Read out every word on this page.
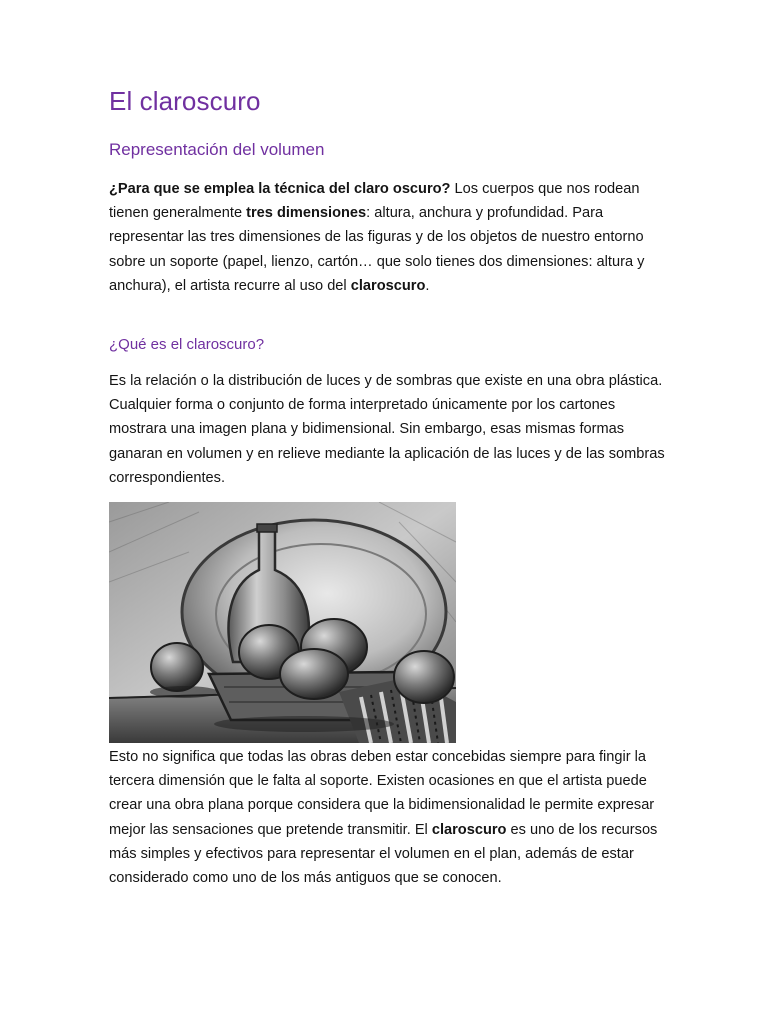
El claroscuro
Representación del volumen

¿Para que se emplea la técnica del claro oscuro? Los cuerpos que nos rodean tienen generalmente tres dimensiones: altura, anchura y profundidad. Para representar las tres dimensiones de las figuras y de los objetos de nuestro entorno sobre un soporte (papel, lienzo, cartón… que solo tienes dos dimensiones: altura y anchura), el artista recurre al uso del claroscuro.

¿Qué es el claroscuro?

Es la relación o la distribución de luces y de sombras que existe en una obra plástica. Cualquier forma o conjunto de forma interpretado únicamente por los cartones mostrara una imagen plana y bidimensional. Sin embargo, esas mismas formas ganaran en volumen y en relieve mediante la aplicación de las luces y de las sombras correspondientes.

Esto no significa que todas las obras deben estar concebidas siempre para fingir la tercera dimensión que le falta al soporte. Existen ocasiones en que el artista puede crear una obra plana porque considera que la bidimensionalidad le permite expresar mejor las sensaciones que pretende transmitir. El claroscuro es uno de los recursos más simples y efectivos para representar el volumen en el plan, además de estar considerado como uno de los más antiguos que se conocen.
